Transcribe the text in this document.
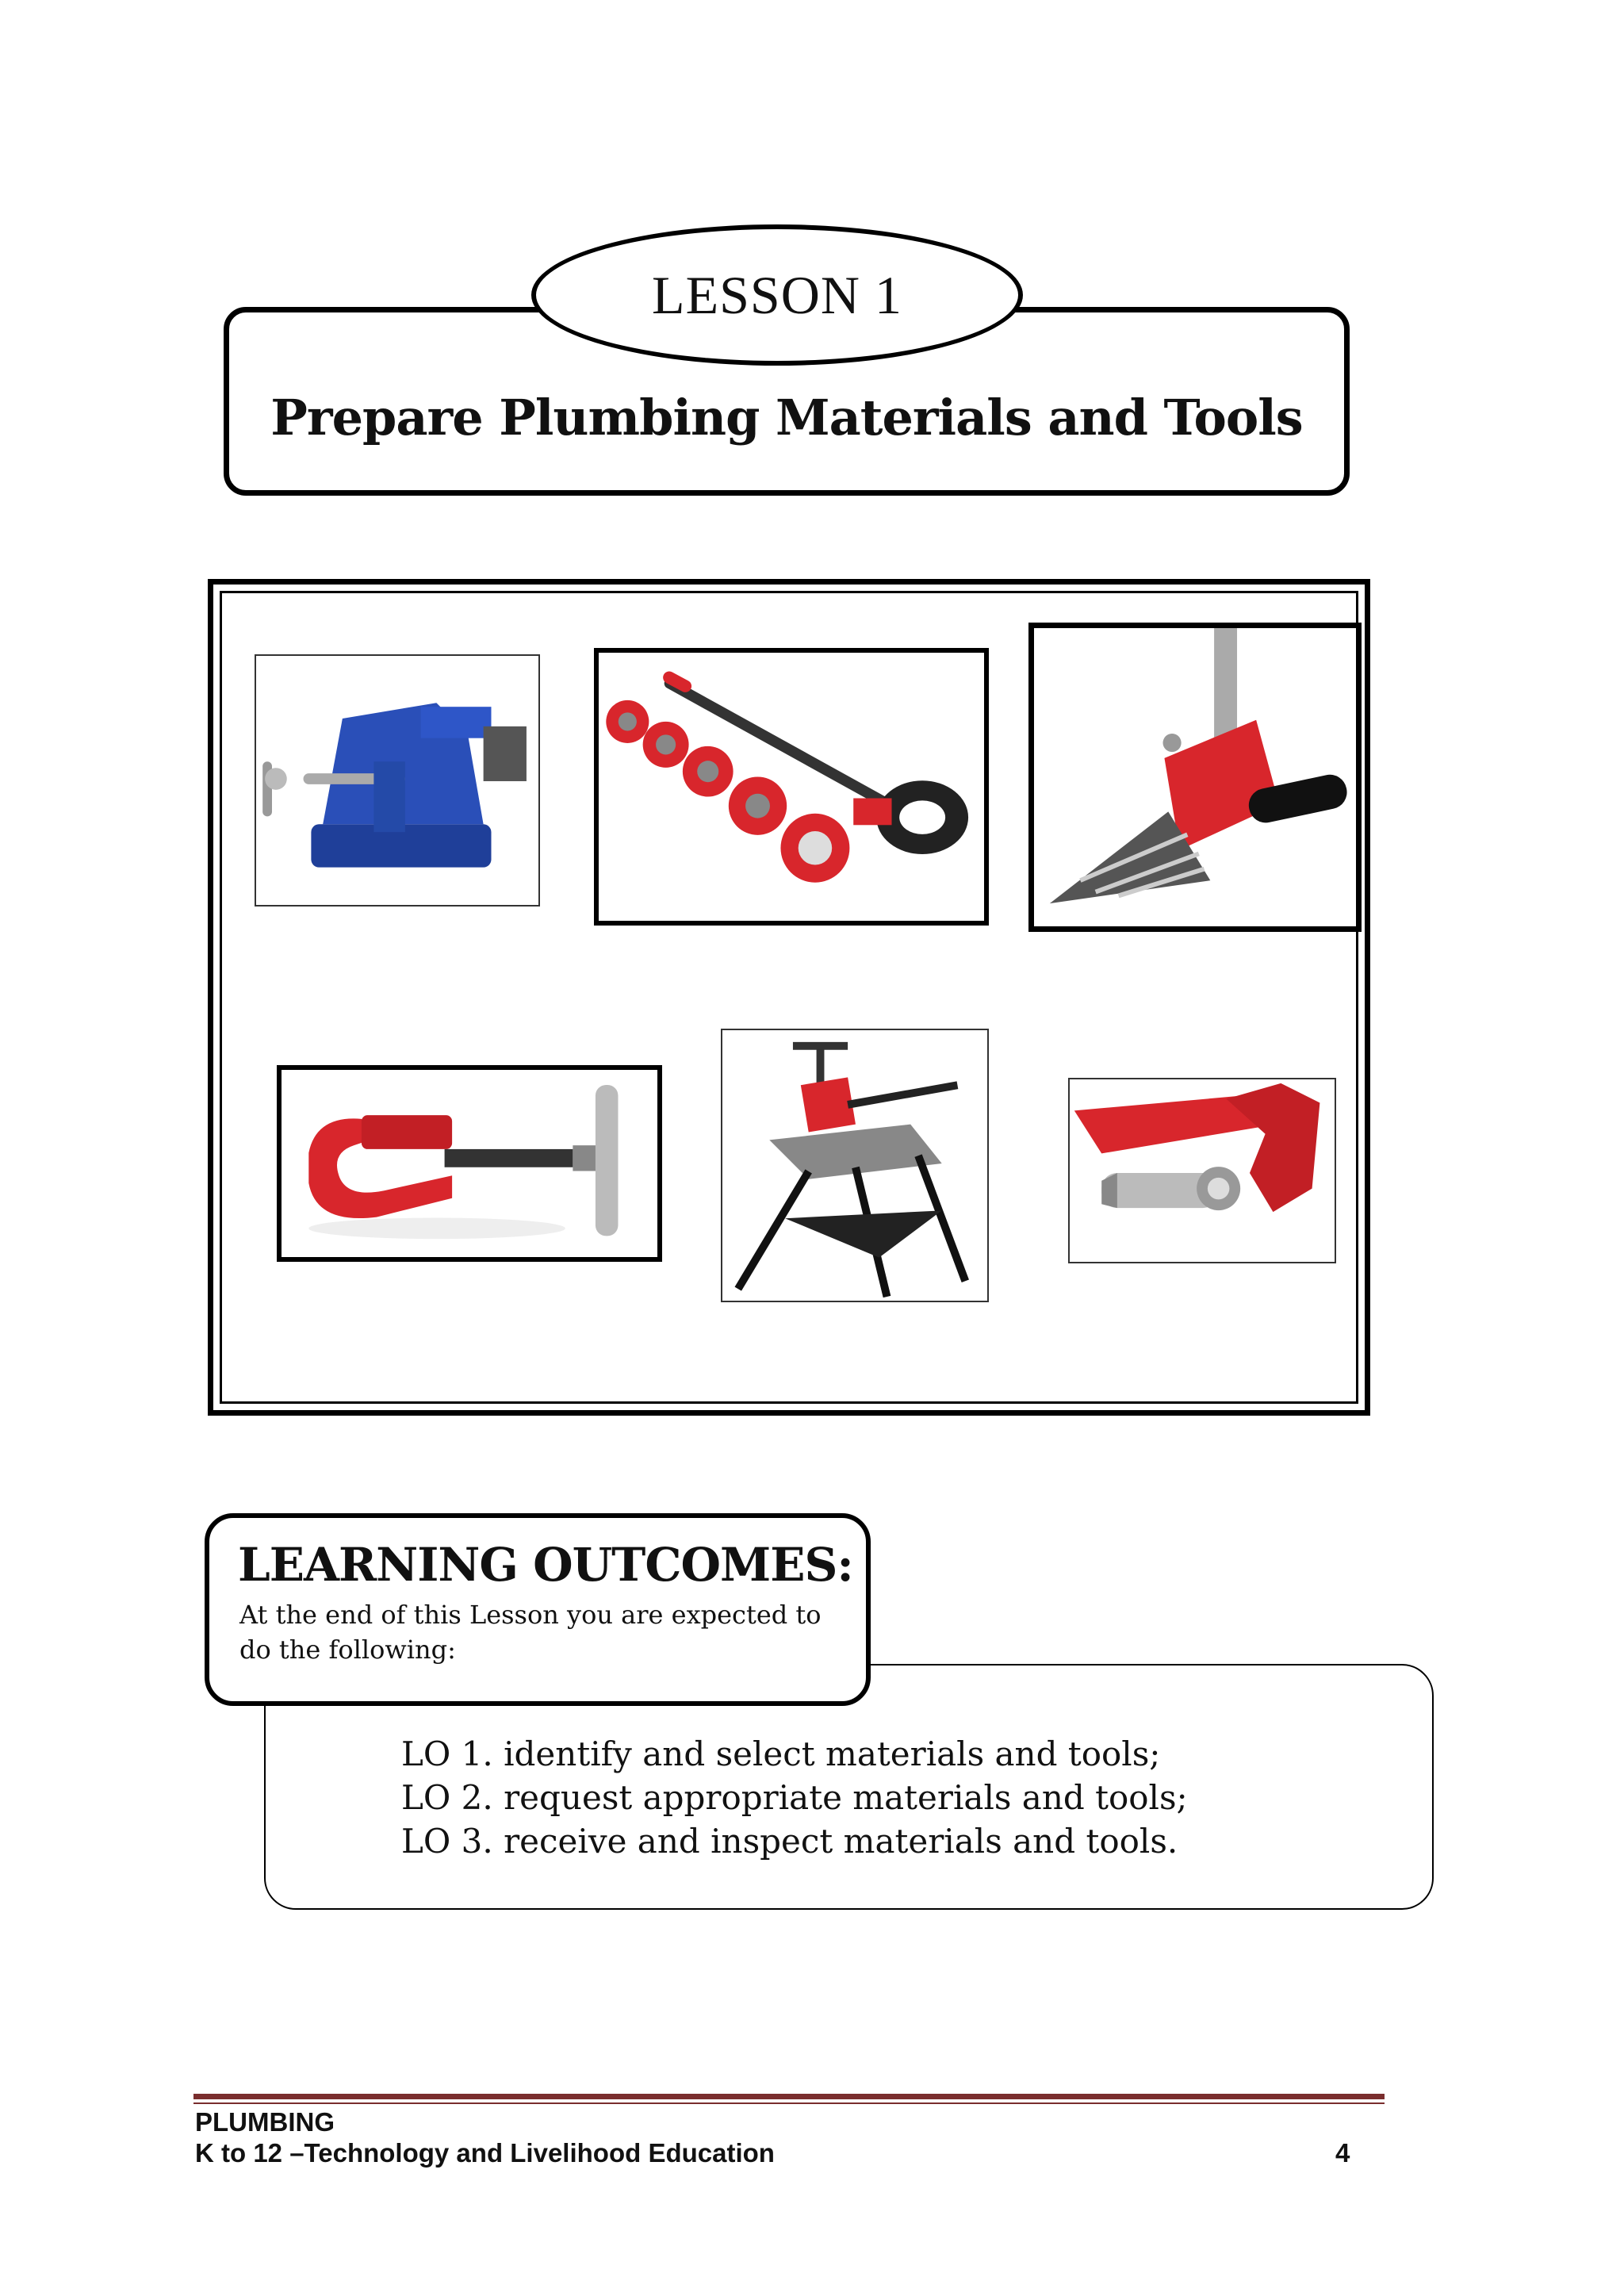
LESSON 1
Prepare Plumbing Materials and Tools
LEARNING OUTCOMES:
At the end of this Lesson you are expected to do the following:
LO 1. identify and select materials and tools;
LO 2. request appropriate materials and tools;
LO 3. receive and inspect materials and tools.
PLUMBING
K to 12 –Technology and Livelihood Education	4
